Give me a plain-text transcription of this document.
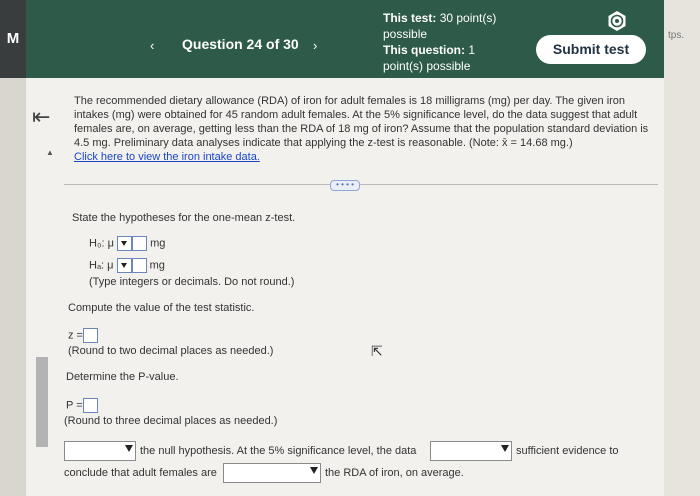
M	‹ Question 24 of 30 ›
This test: 30 point(s)
possible
This question: 1
point(s) possible
Submit test
tps.
⇤
▲
The recommended dietary allowance (RDA) of iron for adult females is 18 milligrams (mg) per day. The given iron intakes (mg) were obtained for 45 random adult females. At the 5% significance level, do the data suggest that adult females are, on average, getting less than the RDA of 18 mg of iron? Assume that the population standard deviation is 4.5 mg. Preliminary data analyses indicate that applying the z-test is reasonable. (Note: x̄ = 14.68 mg.)
Click here to view the iron intake data.
• • • •
State the hypotheses for the one-mean z-test.
H₀: μ	mg
Hₐ: μ	mg
(Type integers or decimals. Do not round.)
Compute the value of the test statistic.
z =
(Round to two decimal places as needed.)
Determine the P-value.
P =
(Round to three decimal places as needed.)
the null hypothesis. At the 5% significance level, the data	sufficient evidence to
conclude that adult females are	the RDA of iron, on average.
⇱
